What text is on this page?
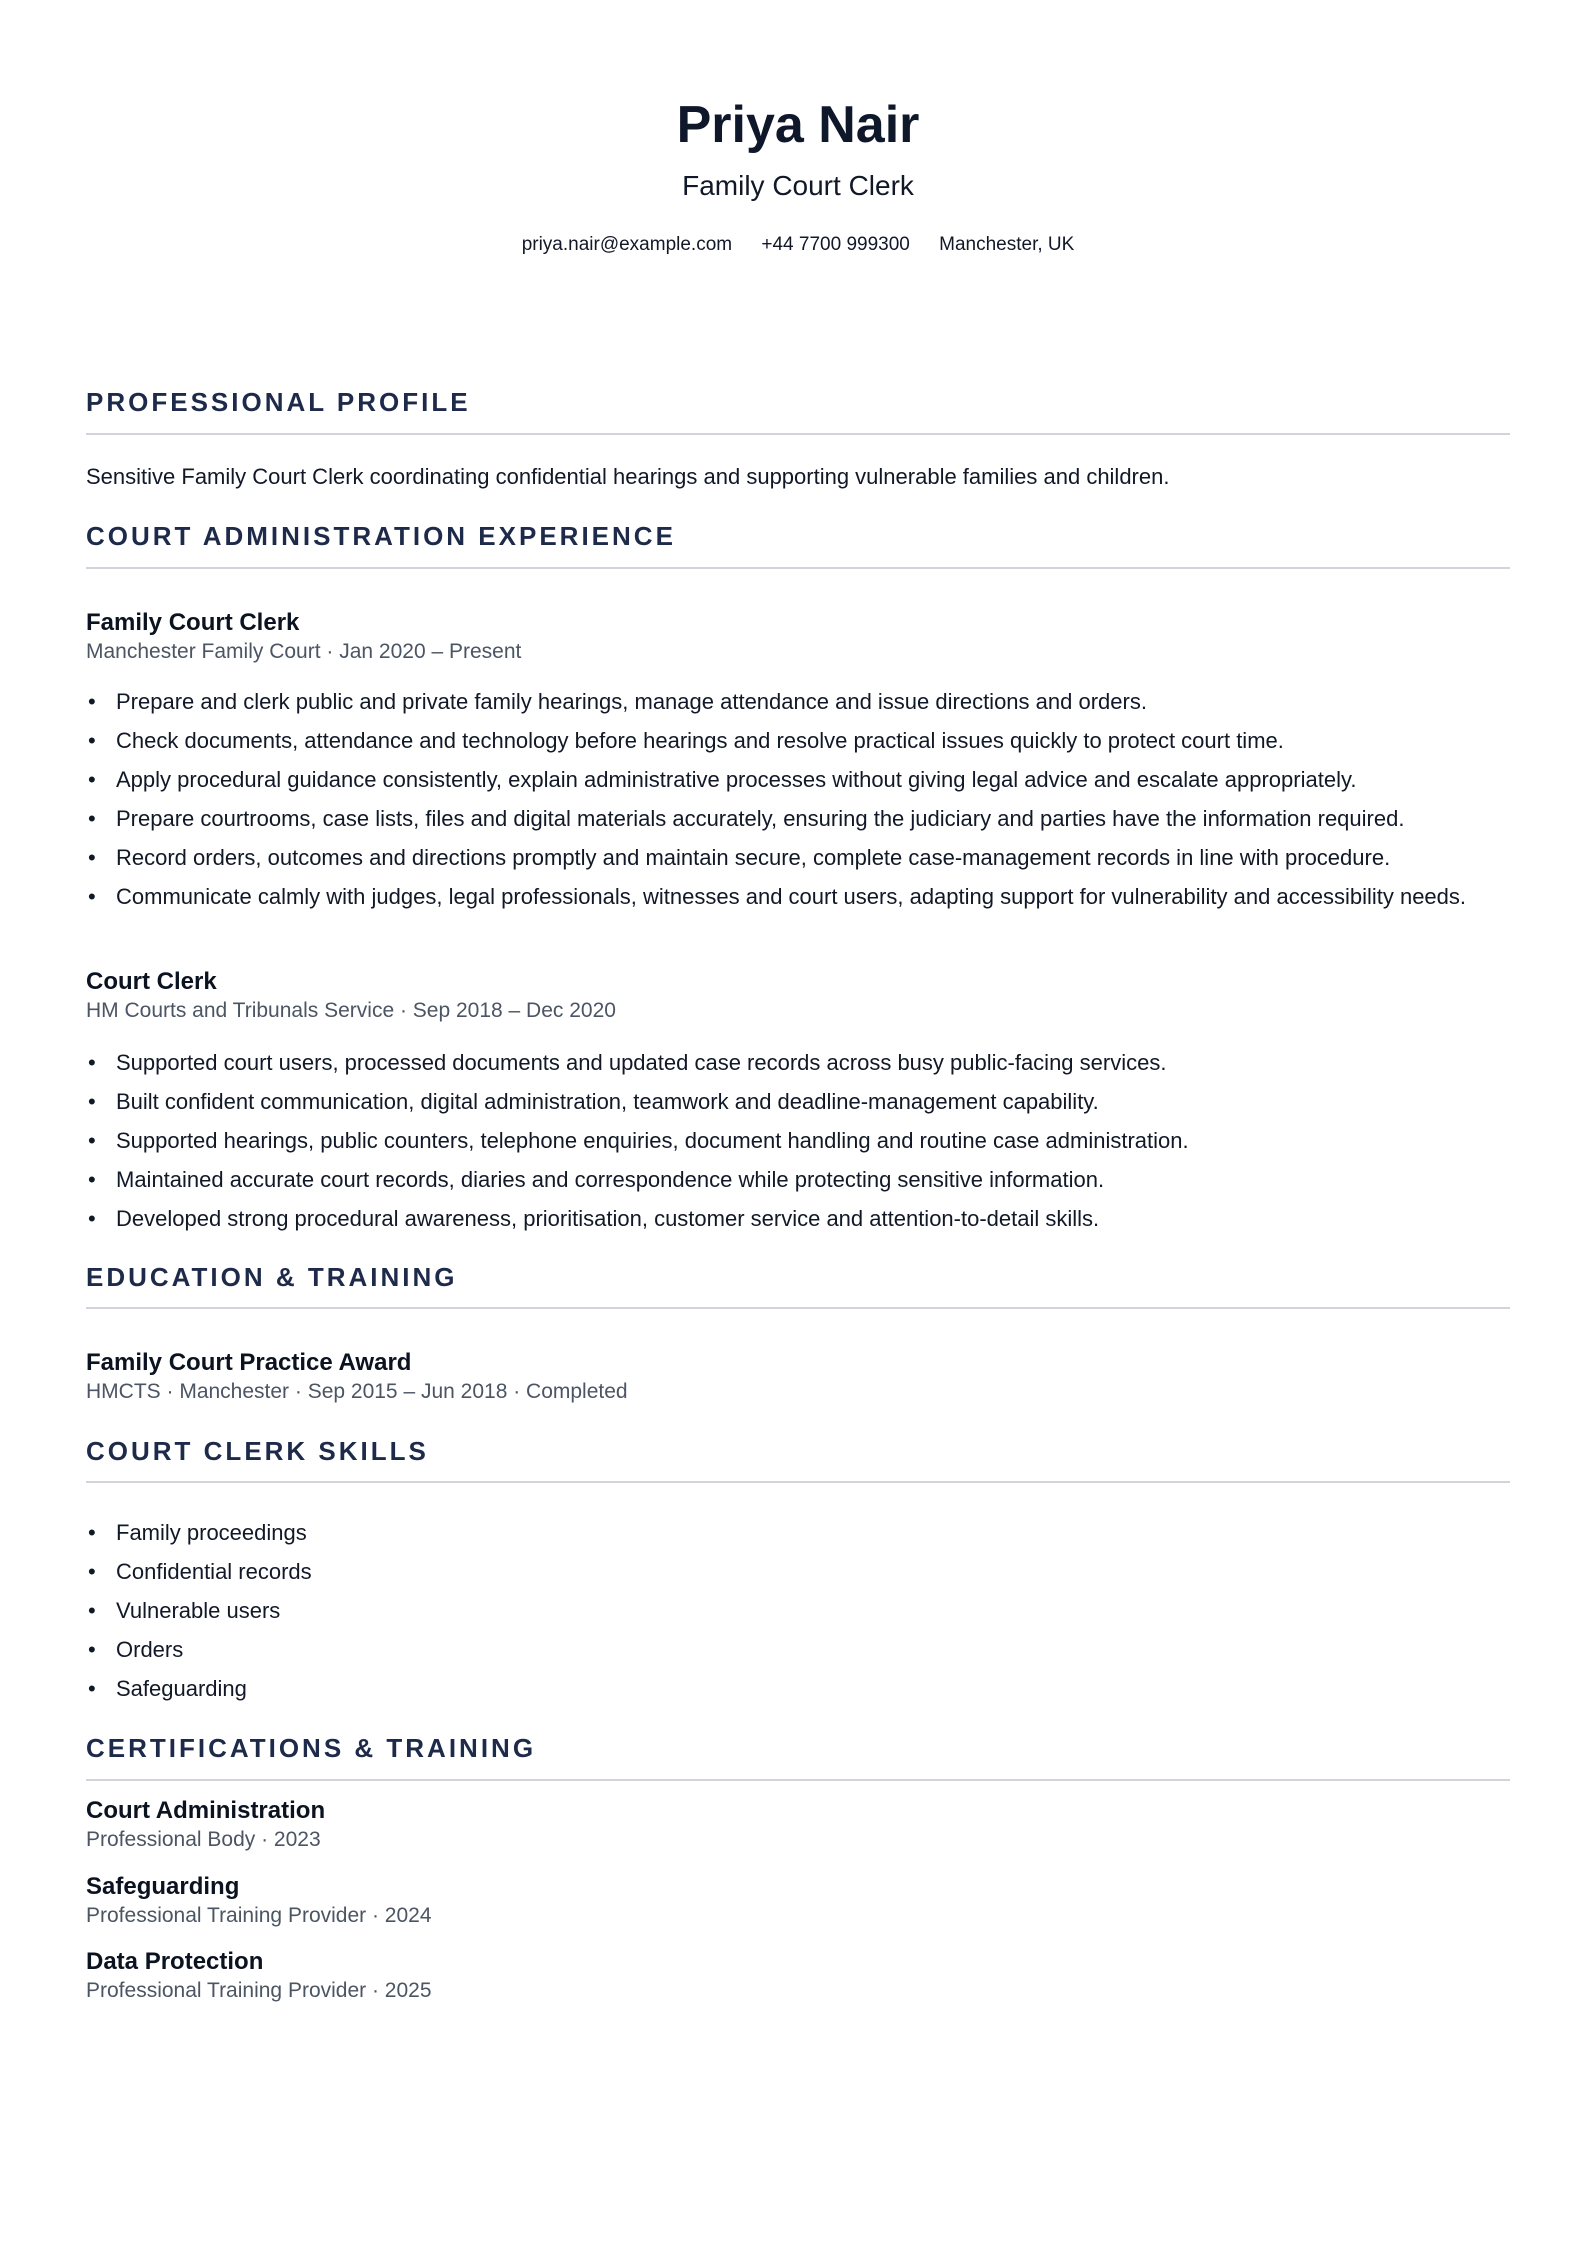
Priya Nair
Family Court Clerk
priya.nair@example.com +44 7700 999300 Manchester, UK
PROFESSIONAL PROFILE
Sensitive Family Court Clerk coordinating confidential hearings and supporting vulnerable families and children.
COURT ADMINISTRATION EXPERIENCE
Family Court Clerk
Manchester Family Court · Jan 2020 – Present
• Prepare and clerk public and private family hearings, manage attendance and issue directions and orders.
• Check documents, attendance and technology before hearings and resolve practical issues quickly to protect court time.
• Apply procedural guidance consistently, explain administrative processes without giving legal advice and escalate appropriately.
• Prepare courtrooms, case lists, files and digital materials accurately, ensuring the judiciary and parties have the information required.
• Record orders, outcomes and directions promptly and maintain secure, complete case-management records in line with procedure.
• Communicate calmly with judges, legal professionals, witnesses and court users, adapting support for vulnerability and accessibility needs.
Court Clerk
HM Courts and Tribunals Service · Sep 2018 – Dec 2020
• Supported court users, processed documents and updated case records across busy public-facing services.
• Built confident communication, digital administration, teamwork and deadline-management capability.
• Supported hearings, public counters, telephone enquiries, document handling and routine case administration.
• Maintained accurate court records, diaries and correspondence while protecting sensitive information.
• Developed strong procedural awareness, prioritisation, customer service and attention-to-detail skills.
EDUCATION & TRAINING
Family Court Practice Award
HMCTS · Manchester · Sep 2015 – Jun 2018 · Completed
COURT CLERK SKILLS
• Family proceedings
• Confidential records
• Vulnerable users
• Orders
• Safeguarding
CERTIFICATIONS & TRAINING
Court Administration
Professional Body · 2023
Safeguarding
Professional Training Provider · 2024
Data Protection
Professional Training Provider · 2025
